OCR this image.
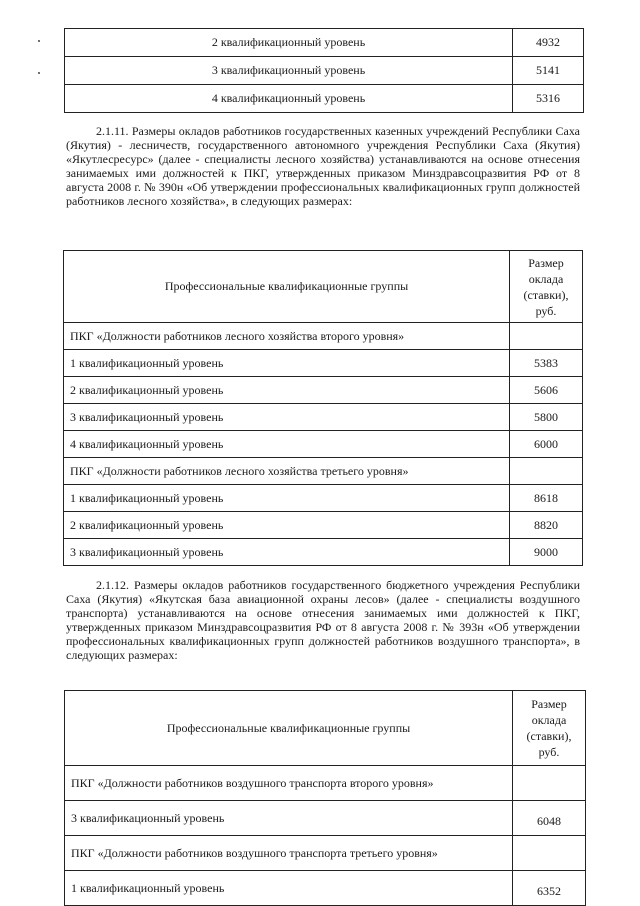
2 квалификационный уровень	4932
3 квалификационный уровень	5141
4 квалификационный уровень	5316

2.1.11. Размеры окладов работников государственных казенных учреждений Республики Саха (Якутия) - лесничеств, государственного автономного учреждения Республики Саха (Якутия) «Якутлесресурс» (далее - специалисты лесного хозяйства) устанавливаются на основе отнесения занимаемых ими должностей к ПКГ, утвержденных приказом Минздравсоцразвития РФ от 8 августа 2008 г. № 390н «Об утверждении профессиональных квалификационных групп должностей работников лесного хозяйства», в следующих размерах:

Профессиональные квалификационные группы	Размер оклада (ставки), руб.
ПКГ «Должности работников лесного хозяйства второго уровня»	
1 квалификационный уровень	5383
2 квалификационный уровень	5606
3 квалификационный уровень	5800
4 квалификационный уровень	6000
ПКГ «Должности работников лесного хозяйства третьего уровня»	
1 квалификационный уровень	8618
2 квалификационный уровень	8820
3 квалификационный уровень	9000

2.1.12. Размеры окладов работников государственного бюджетного учреждения Республики Саха (Якутия) «Якутская база авиационной охраны лесов» (далее - специалисты воздушного транспорта) устанавливаются на основе отнесения занимаемых ими должностей к ПКГ, утвержденных приказом Минздравсоцразвития РФ от 8 августа 2008 г. № 393н «Об утверждении профессиональных квалификационных групп должностей работников воздушного транспорта», в следующих размерах:

Профессиональные квалификационные группы	Размер оклада (ставки), руб.
ПКГ «Должности работников воздушного транспорта второго уровня»	
3 квалификационный уровень	6048
ПКГ «Должности работников воздушного транспорта третьего уровня»	
1 квалификационный уровень	6352
